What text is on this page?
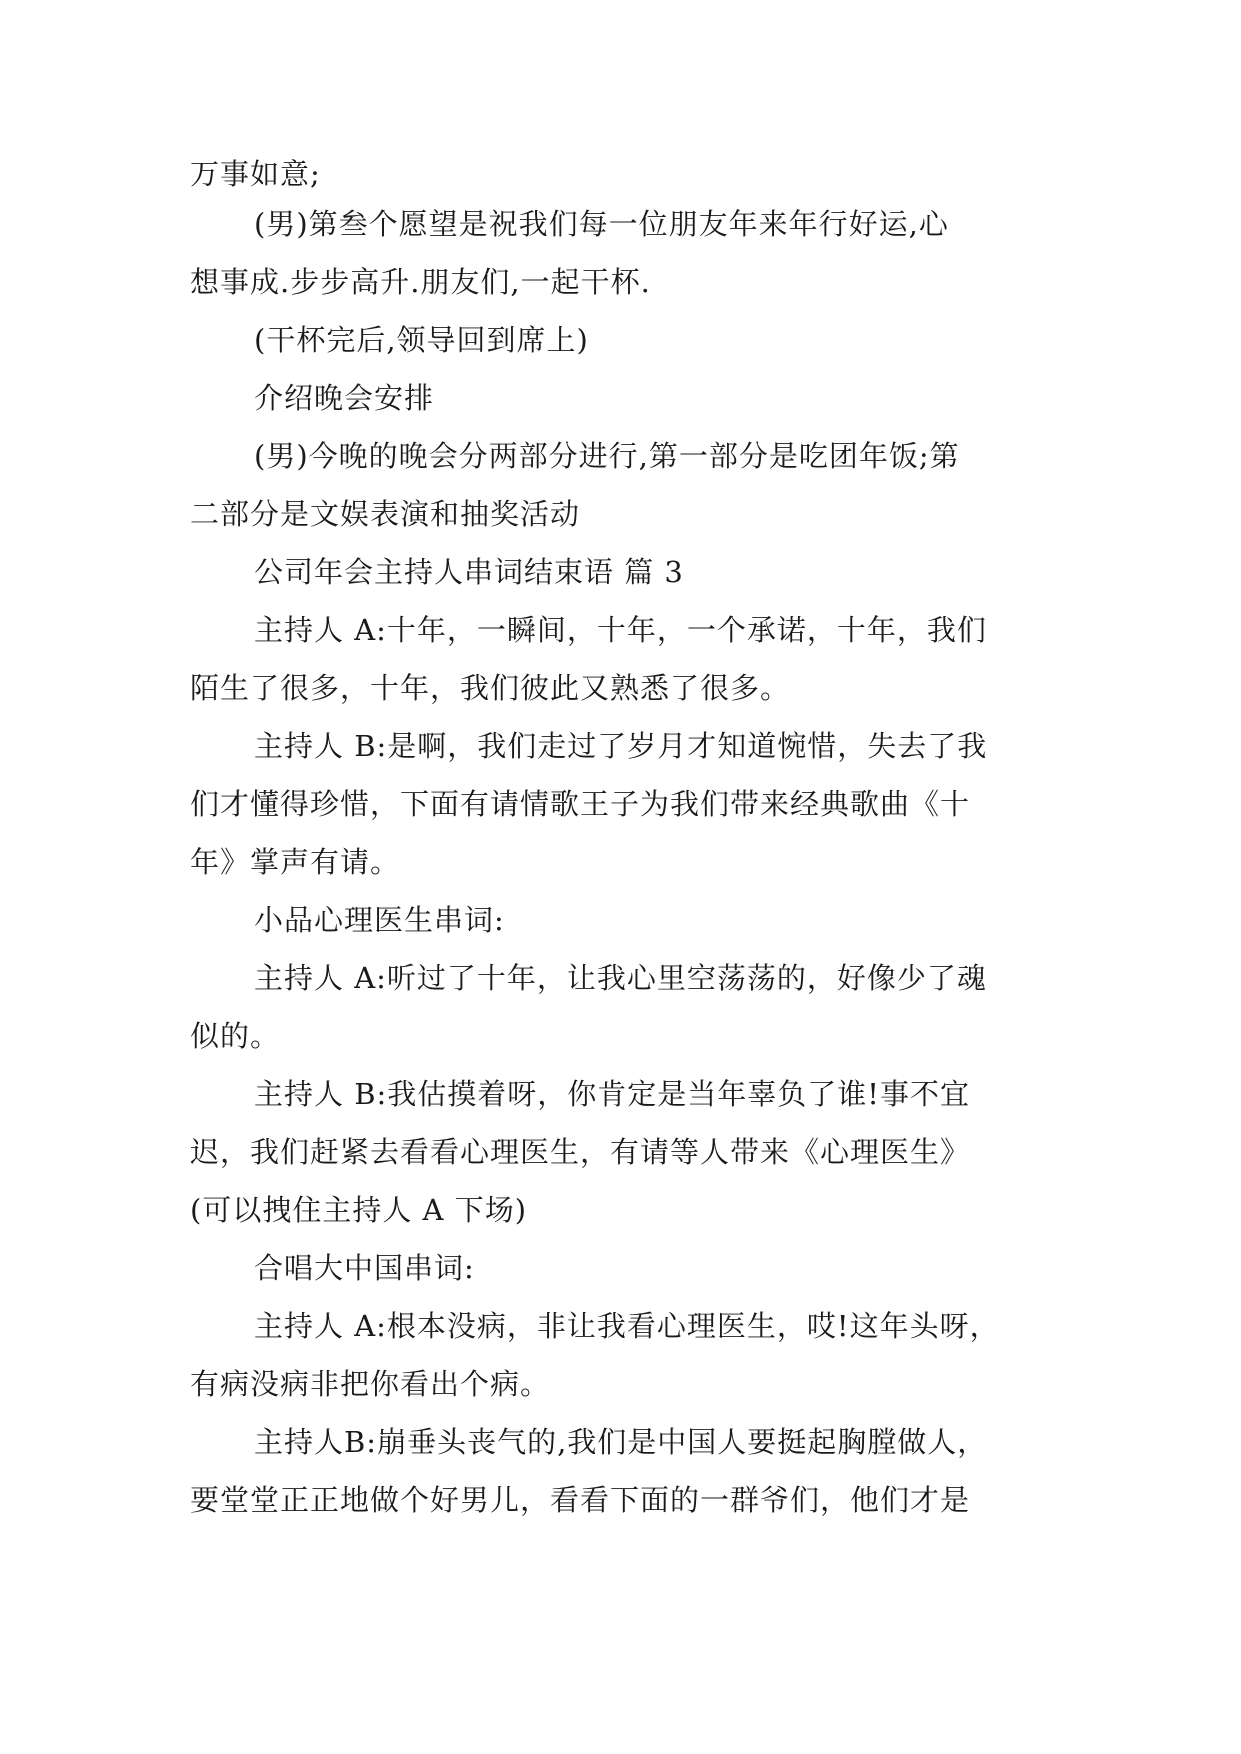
万事如意;
(男)第叁个愿望是祝我们每一位朋友年来年行好运,心
想事成.步步高升.朋友们,一起干杯.
(干杯完后,领导回到席上)
介绍晚会安排
(男)今晚的晚会分两部分进行,第一部分是吃团年饭;第
二部分是文娱表演和抽奖活动
公司年会主持人串词结束语 篇 3
主持人 A:十年，一瞬间，十年，一个承诺，十年，我们
陌生了很多，十年，我们彼此又熟悉了很多。
主持人 B:是啊，我们走过了岁月才知道惋惜，失去了我
们才懂得珍惜，下面有请情歌王子为我们带来经典歌曲《十
年》掌声有请。
小品心理医生串词:
主持人 A:听过了十年，让我心里空荡荡的，好像少了魂
似的。
主持人 B:我估摸着呀，你肯定是当年辜负了谁!事不宜
迟，我们赶紧去看看心理医生，有请等人带来《心理医生》
(可以拽住主持人 A 下场)
合唱大中国串词:
主持人 A:根本没病，非让我看心理医生，哎!这年头呀，
有病没病非把你看出个病。
主持人B:崩垂头丧气的,我们是中国人要挺起胸膛做人，
要堂堂正正地做个好男儿，看看下面的一群爷们，他们才是
